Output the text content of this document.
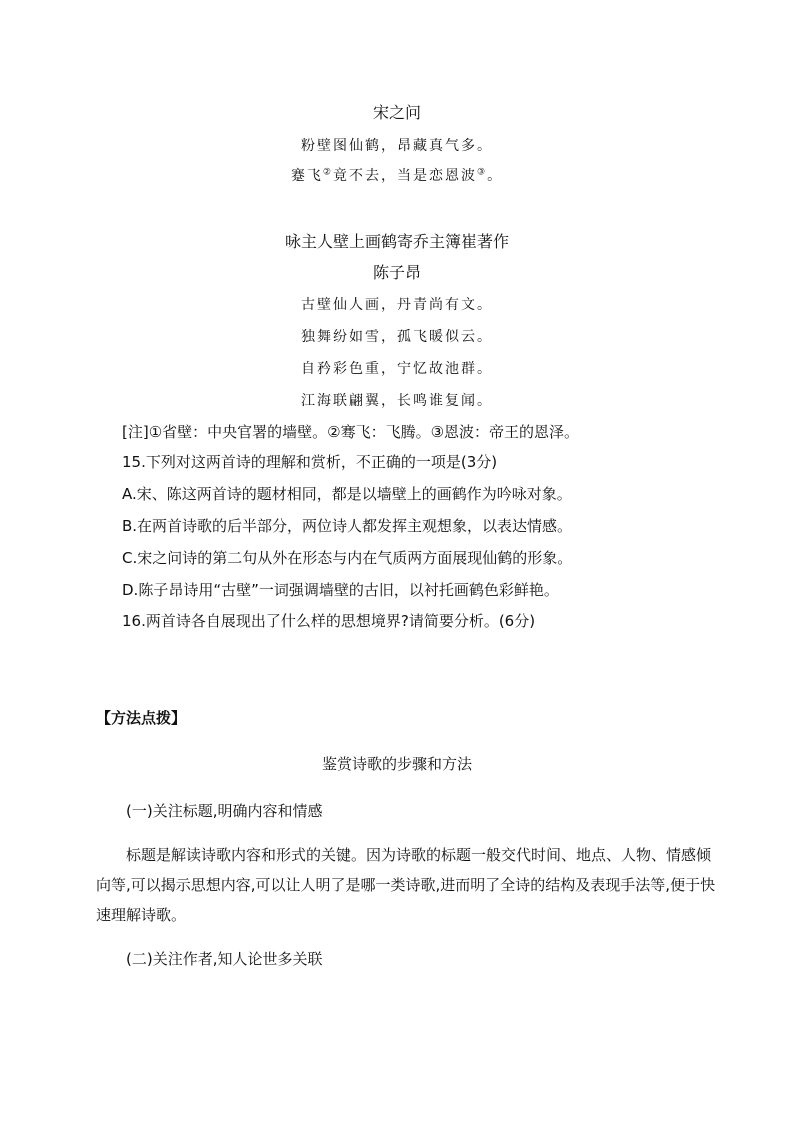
宋之问
粉壁图仙鹤，昂藏真气多。
蹇飞②竟不去，当是恋恩波③。
咏主人壁上画鹤寄乔主簿崔著作
陈子昂
古壁仙人画，丹青尚有文。
独舞纷如雪，孤飞暖似云。
自矜彩色重，宁忆故池群。
江海联翩翼，长鸣谁复闻。
[注]①省壁：中央官署的墙壁。②骞飞：飞腾。③恩波：帝王的恩泽。
15.下列对这两首诗的理解和赏析，不正确的一项是(3分)
A.宋、陈这两首诗的题材相同，都是以墙壁上的画鹤作为吟咏对象。
B.在两首诗歌的后半部分，两位诗人都发挥主观想象，以表达情感。
C.宋之问诗的第二句从外在形态与内在气质两方面展现仙鹤的形象。
D.陈子昂诗用“古壁”一词强调墙壁的古旧，以衬托画鹤色彩鲜艳。
16.两首诗各自展现出了什么样的思想境界?请简要分析。(6分)
【方法点拨】
鉴赏诗歌的步骤和方法
(一)关注标题,明确内容和情感
标题是解读诗歌内容和形式的关键。因为诗歌的标题一般交代时间、地点、人物、情感倾向等,可以揭示思想内容,可以让人明了是哪一类诗歌,进而明了全诗的结构及表现手法等,便于快速理解诗歌。
(二)关注作者,知人论世多关联
